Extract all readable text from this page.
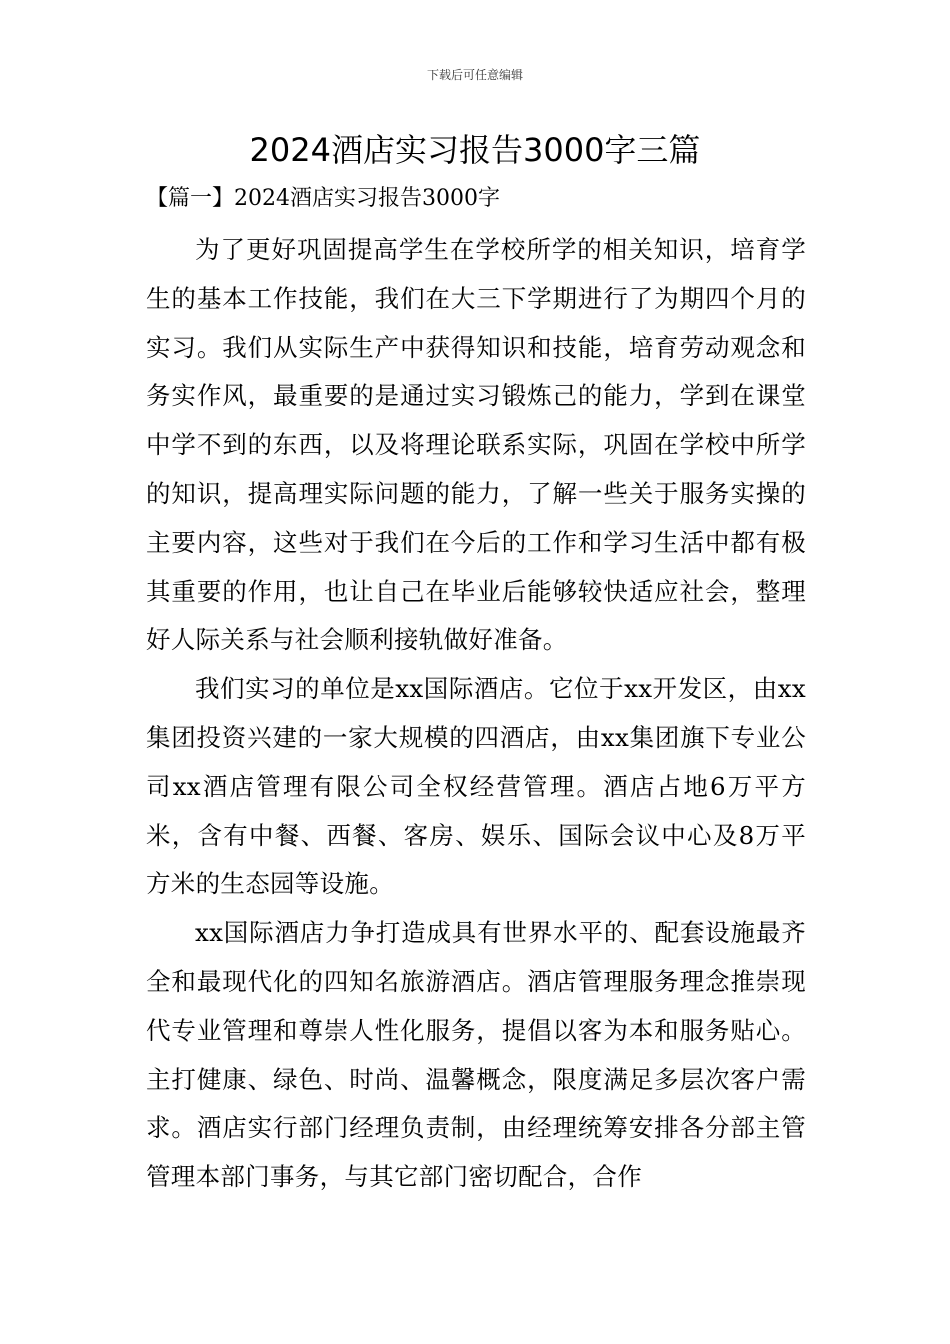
下载后可任意编辑
2024酒店实习报告3000字三篇
【篇一】2024酒店实习报告3000字

为了更好巩固提高学生在学校所学的相关知识，培育学生的基本工作技能，我们在大三下学期进行了为期四个月的实习。我们从实际生产中获得知识和技能，培育劳动观念和务实作风，最重要的是通过实习锻炼己的能力，学到在课堂中学不到的东西，以及将理论联系实际，巩固在学校中所学的知识，提高理实际问题的能力，了解一些关于服务实操的主要内容，这些对于我们在今后的工作和学习生活中都有极其重要的作用，也让自己在毕业后能够较快适应社会，整理好人际关系与社会顺利接轨做好准备。

我们实习的单位是xx国际酒店。它位于xx开发区，由xx集团投资兴建的一家大规模的四酒店，由xx集团旗下专业公司xx酒店管理有限公司全权经营管理。酒店占地6万平方米，含有中餐、西餐、客房、娱乐、国际会议中心及8万平方米的生态园等设施。

xx国际酒店力争打造成具有世界水平的、配套设施最齐全和最现代化的四知名旅游酒店。酒店管理服务理念推崇现代专业管理和尊崇人性化服务，提倡以客为本和服务贴心。主打健康、绿色、时尚、温馨概念，限度满足多层次客户需求。酒店实行部门经理负责制，由经理统筹安排各分部主管管理本部门事务，与其它部门密切配合，合作
